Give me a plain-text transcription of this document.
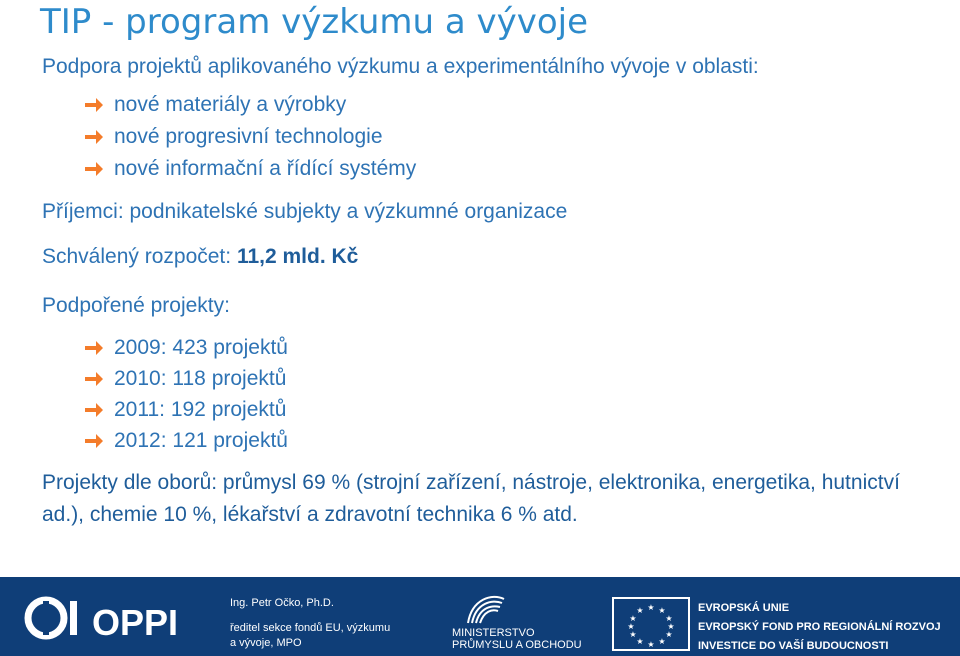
TIP - program výzkumu a vývoje
Podpora projektů aplikovaného výzkumu a experimentálního vývoje v oblasti:
nové materiály a výrobky
nové progresivní technologie
nové informační a řídící systémy
Příjemci: podnikatelské subjekty a výzkumné organizace
Schválený rozpočet: 11,2 mld. Kč
Podpořené projekty:
2009: 423 projektů
2010: 118 projektů
2011: 192 projektů
2012: 121 projektů
Projekty dle oborů: průmysl 69 % (strojní zařízení, nástroje, elektronika, energetika, hutnictví ad.), chemie 10 %, lékařství a zdravotní technika 6 % atd.
OPPI	Ing. Petr Očko, Ph.D.
ředitel sekce fondů EU, výzkumu
a vývoje, MPO
MINISTERSTVO
PRŮMYSLU A OBCHODU
★ ★
★
★
★
★
★
★
★
★
★
★	EVROPSKÁ UNIE
EVROPSKÝ FOND PRO REGIONÁLNÍ ROZVOJ
INVESTICE DO VAŠÍ BUDOUCNOSTI
